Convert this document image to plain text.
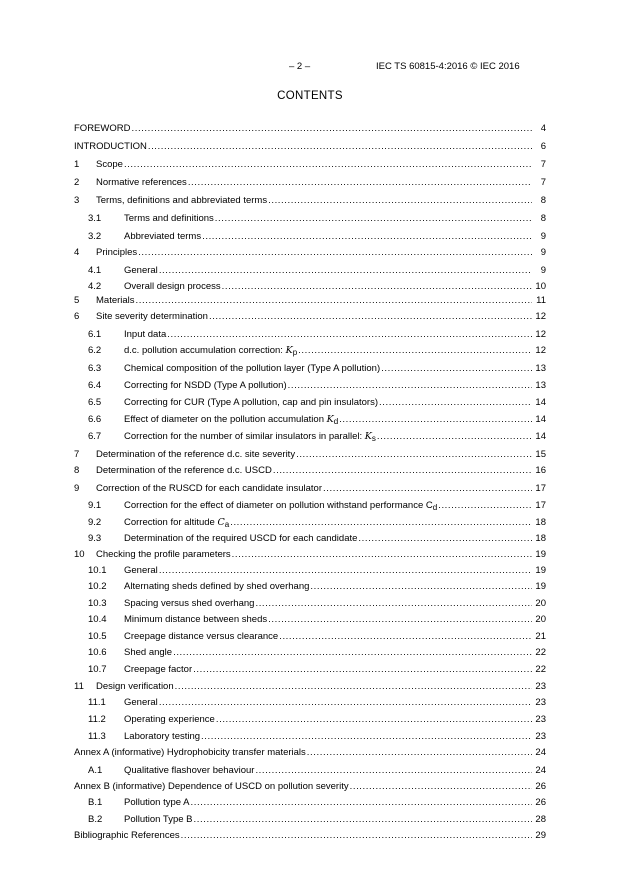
– 2 –	IEC TS 60815-4:2016 © IEC 2016
CONTENTS
FOREWORD .....	4
INTRODUCTION .....	6
1 Scope .....	7
2 Normative references .....	7
3 Terms, definitions and abbreviated terms .....	8
3.1 Terms and definitions .....	8
3.2 Abbreviated terms .....	9
4 Principles .....	9
4.1 General .....	9
4.2 Overall design process .....	10
5 Materials .....	11
6 Site severity determination .....	12
6.1 Input data .....	12
6.2 d.c. pollution accumulation correction: $K_p$ .....	12
6.3 Chemical composition of the pollution layer (Type A pollution) .....	13
6.4 Correcting for NSDD (Type A pollution) .....	13
6.5 Correcting for CUR (Type A pollution, cap and pin insulators) .....	14
6.6 Effect of diameter on the pollution accumulation $K_d$ .....	14
6.7 Correction for the number of similar insulators in parallel: $K_s$ .....	14
7 Determination of the reference d.c. site severity .....	15
8 Determination of the reference d.c. USCD .....	16
9 Correction of the RUSCD for each candidate insulator .....	17
9.1 Correction for the effect of diameter on pollution withstand performance $C_d$ .....	17
9.2 Correction for altitude $C_a$ .....	18
9.3 Determination of the required USCD for each candidate .....	18
10 Checking the profile parameters .....	19
10.1 General .....	19
10.2 Alternating sheds defined by shed overhang .....	19
10.3 Spacing versus shed overhang .....	20
10.4 Minimum distance between sheds .....	20
10.5 Creepage distance versus clearance .....	21
10.6 Shed angle .....	22
10.7 Creepage factor .....	22
11 Design verification .....	23
11.1 General .....	23
11.2 Operating experience .....	23
11.3 Laboratory testing .....	23
Annex A (informative) Hydrophobicity transfer materials .....	24
A.1 Qualitative flashover behaviour .....	24
Annex B (informative) Dependence of USCD on pollution severity .....	26
B.1 Pollution type A .....	26
B.2 Pollution Type B .....	28
Bibliographic References .....	29
